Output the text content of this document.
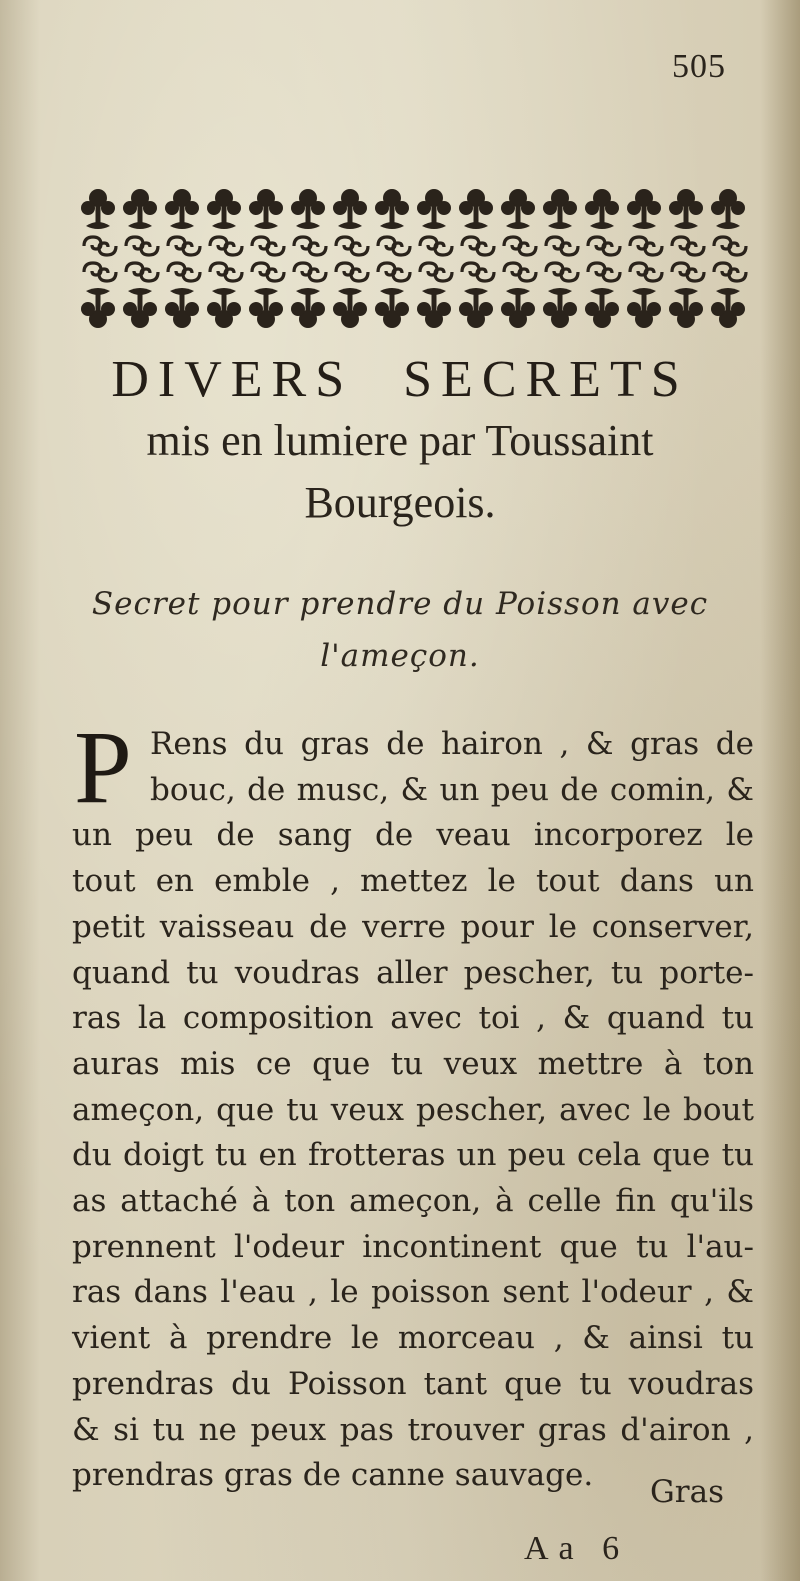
505
DIVERS SECRETS
mis en lumiere par Toussaint
Bourgeois.
Secret pour prendre du Poisson avec
l'ameçon.
P Rens du gras de hairon , & gras de
bouc, de musc, & un peu de comin, &
un peu de sang de veau incorporez le
tout en emble , mettez le tout dans un
petit vaisseau de verre pour le conserver,
quand tu voudras aller pescher, tu porte-
ras la composition avec toi , & quand tu
auras mis ce que tu veux mettre à ton
ameçon, que tu veux pescher, avec le bout
du doigt tu en frotteras un peu cela que tu
as attaché à ton ameçon, à celle fin qu'ils
prennent l'odeur incontinent que tu l'au-
ras dans l'eau , le poisson sent l'odeur , &
vient à prendre le morceau , & ainsi tu
prendras du Poisson tant que tu voudras
& si tu ne peux pas trouver gras d'airon ,
prendras gras de canne sauvage.	Gras
Aa 6
